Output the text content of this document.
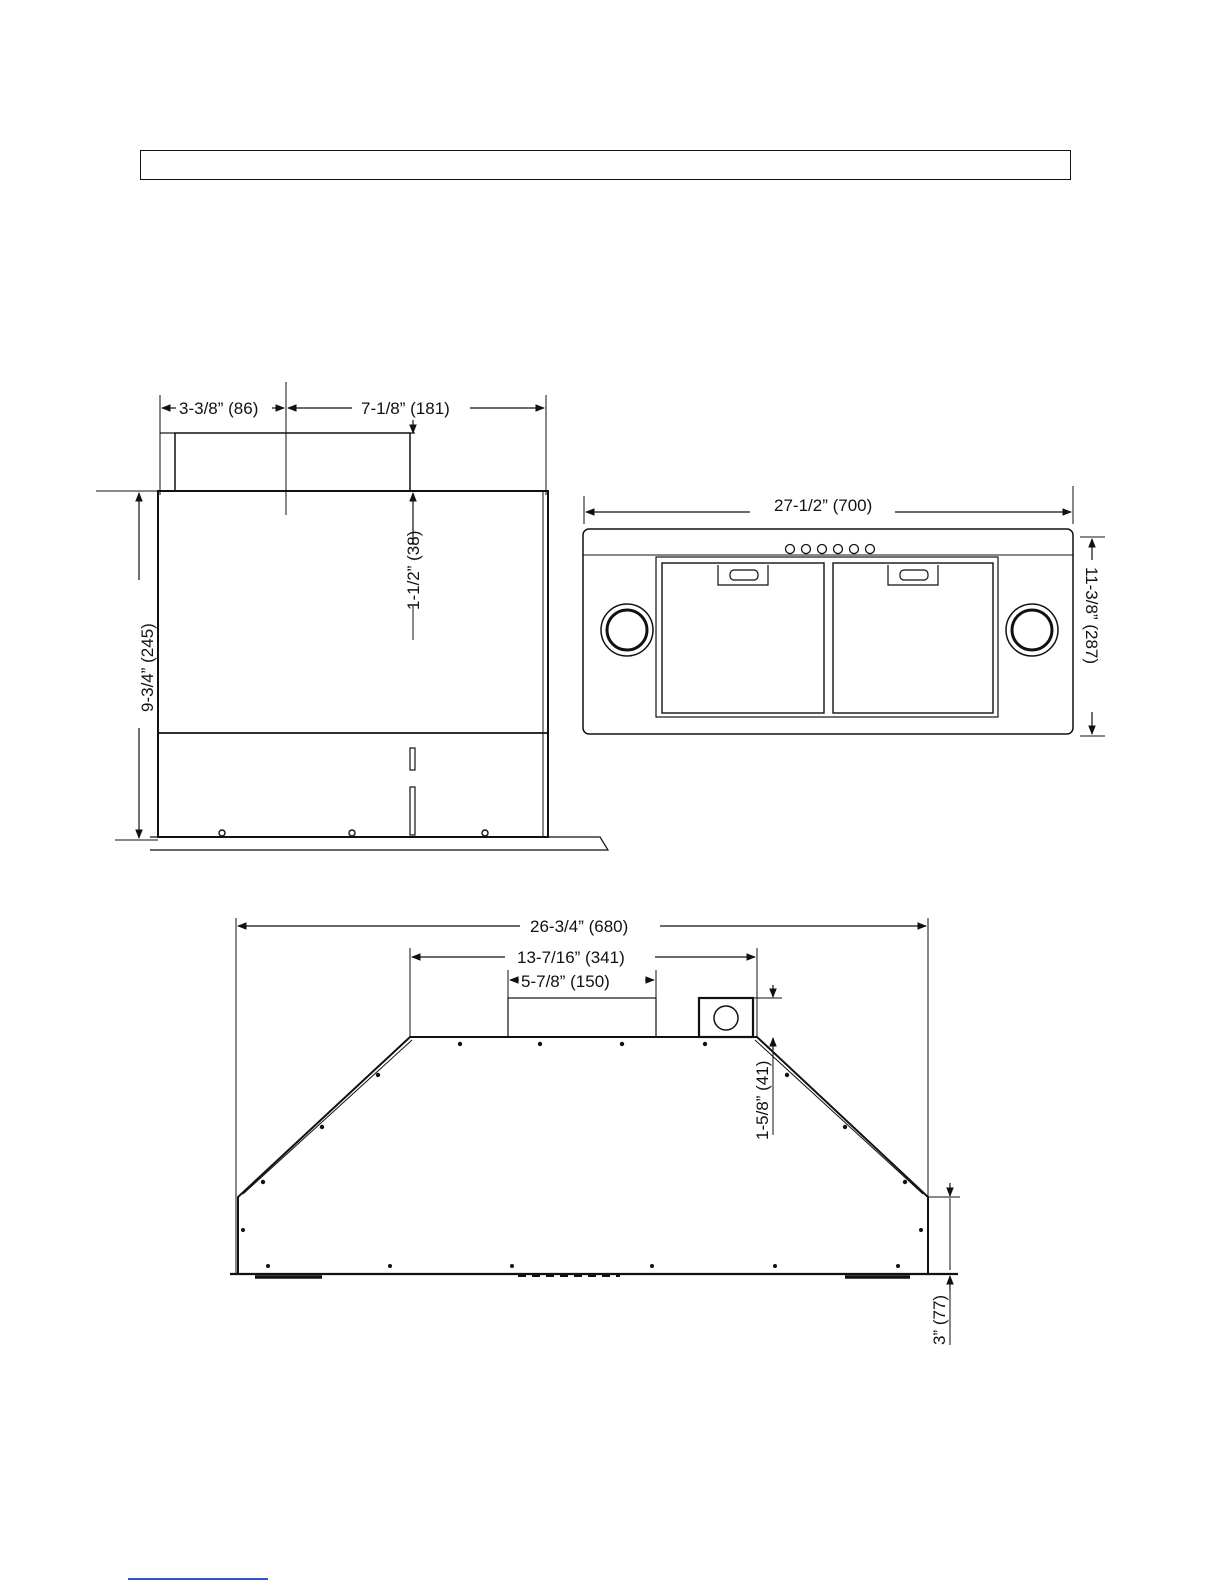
3-3/8” (86)	7-1/8” (181)
1-1/2” (38)
9-3/4” (245)
27-1/2” (700)
11-3/8” (287)
26-3/4” (680)
13-7/16” (341)
5-7/8” (150)
1-5/8” (41)
3” (77)
